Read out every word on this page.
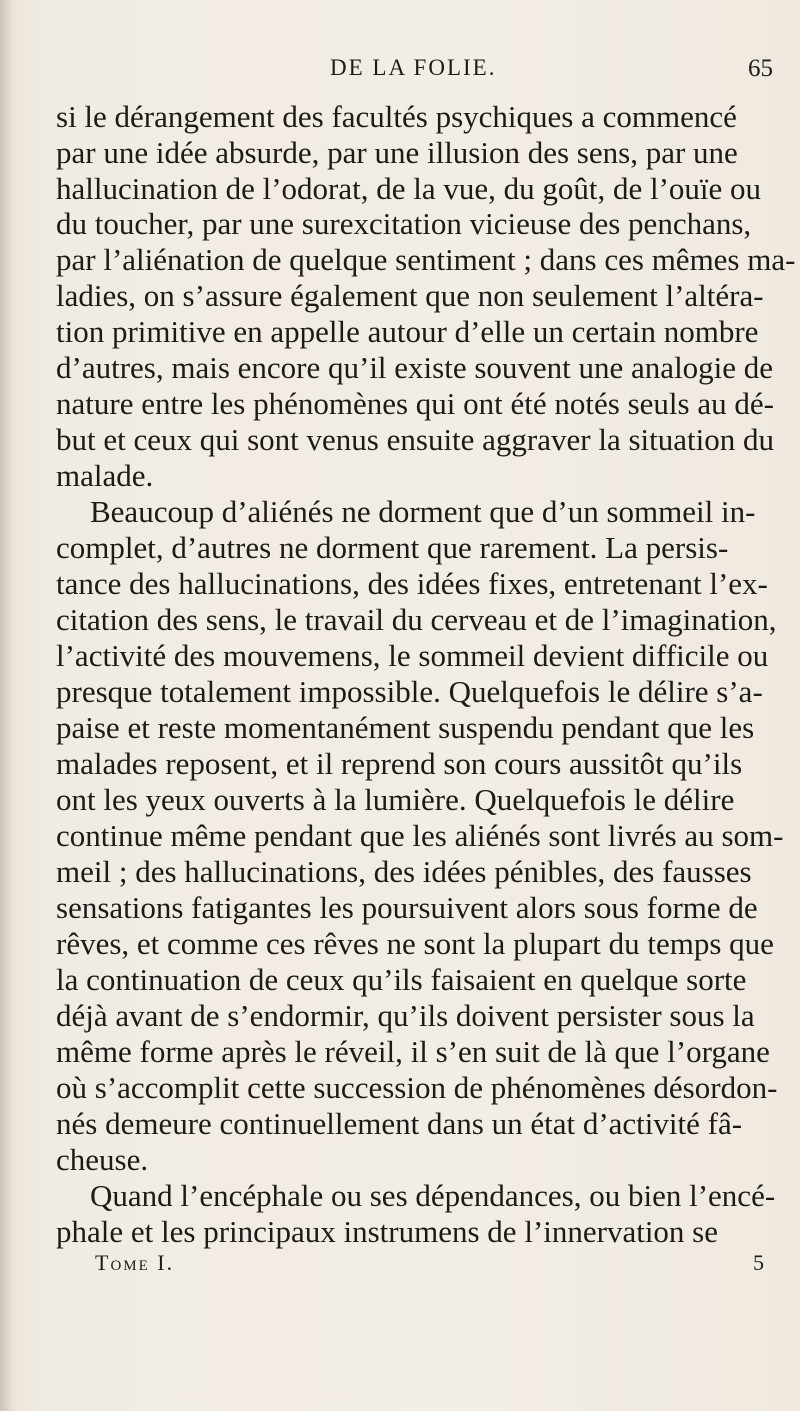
DE LA FOLIE.	65
si le dérangement des facultés psychiques a commencé
par une idée absurde, par une illusion des sens, par une
hallucination de l’odorat, de la vue, du goût, de l’ouïe ou
du toucher, par une surexcitation vicieuse des penchans,
par l’aliénation de quelque sentiment ; dans ces mêmes ma-
ladies, on s’assure également que non seulement l’altéra-
tion primitive en appelle autour d’elle un certain nombre
d’autres, mais encore qu’il existe souvent une analogie de
nature entre les phénomènes qui ont été notés seuls au dé-
but et ceux qui sont venus ensuite aggraver la situation du
malade.
Beaucoup d’aliénés ne dorment que d’un sommeil in-
complet, d’autres ne dorment que rarement. La persis-
tance des hallucinations, des idées fixes, entretenant l’ex-
citation des sens, le travail du cerveau et de l’imagination,
l’activité des mouvemens, le sommeil devient difficile ou
presque totalement impossible. Quelquefois le délire s’a-
paise et reste momentanément suspendu pendant que les
malades reposent, et il reprend son cours aussitôt qu’ils
ont les yeux ouverts à la lumière. Quelquefois le délire
continue même pendant que les aliénés sont livrés au som-
meil ; des hallucinations, des idées pénibles, des fausses
sensations fatigantes les poursuivent alors sous forme de
rêves, et comme ces rêves ne sont la plupart du temps que
la continuation de ceux qu’ils faisaient en quelque sorte
déjà avant de s’endormir, qu’ils doivent persister sous la
même forme après le réveil, il s’en suit de là que l’organe
où s’accomplit cette succession de phénomènes désordon-
nés demeure continuellement dans un état d’activité fâ-
cheuse.
Quand l’encéphale ou ses dépendances, ou bien l’encé-
phale et les principaux instrumens de l’innervation se
Tome I.	5
